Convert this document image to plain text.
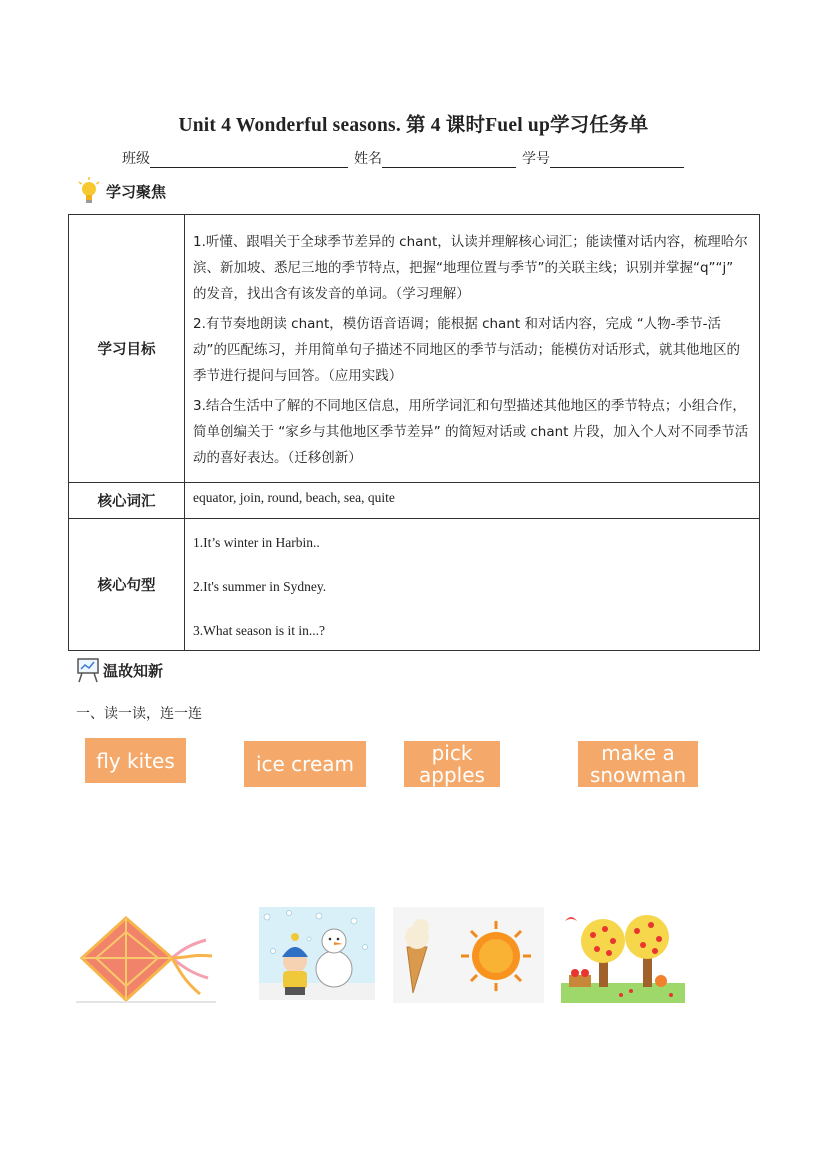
Unit 4 Wonderful seasons. 第 4 课时Fuel up学习任务单
班级	姓名	学号
学习聚焦
学习目标	1.听懂、跟唱关于全球季节差异的 chant，认读并理解核心词汇；能读懂对话内容，梳理哈尔滨、新加坡、悉尼三地的季节特点，把握“地理位置与季节”的关联主线；识别并掌握“q”“j” 的发音，找出含有该发音的单词。（学习理解）

2.有节奏地朗读 chant，模仿语音语调；能根据 chant 和对话内容，完成 “人物-季节-活动”的匹配练习，并用简单句子描述不同地区的季节与活动；能模仿对话形式，就其他地区的季节进行提问与回答。（应用实践）

3.结合生活中了解的不同地区信息，用所学词汇和句型描述其他地区的季节特点；小组合作，简单创编关于 “家乡与其他地区季节差异” 的简短对话或 chant 片段，加入个人对不同季节活动的喜好表达。（迁移创新）

核心词汇	equator, join, round, beach, sea, quite
核心句型	1.It’s winter in Harbin..

2.It's summer in Sydney.

3.What season is it in...?

温故知新
一、读一读，连一连
fly kites	ice cream	pick
apples
make a
snowman
